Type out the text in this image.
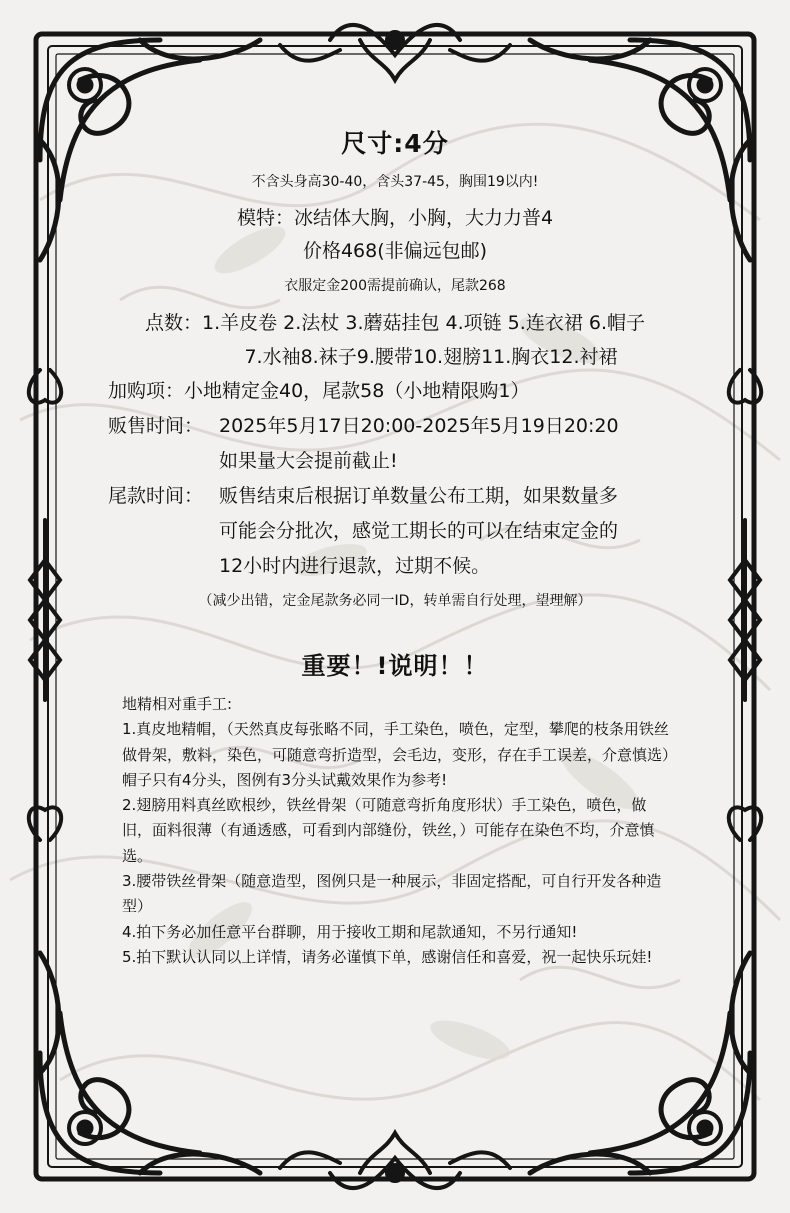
尺寸:4分
不含头身高30-40，含头37-45，胸围19以内!
模特：冰结体大胸，小胸，大力力普4
价格468(非偏远包邮)
衣服定金200需提前确认，尾款268
点数：1.羊皮卷 2.法杖 3.蘑菇挂包 4.项链 5.连衣裙 6.帽子
7.水袖8.袜子9.腰带10.翅膀11.胸衣12.衬裙
加购项：小地精定金40，尾款58（小地精限购1）
贩售时间： 2025年5月17日20:00-2025年5月19日20:20
如果量大会提前截止!
尾款时间： 贩售结束后根据订单数量公布工期，如果数量多
可能会分批次，感觉工期长的可以在结束定金的
12小时内进行退款，过期不候。
（减少出错，定金尾款务必同一ID，转单需自行处理，望理解）
重要！!说明！！

地精相对重手工:

1.真皮地精帽，（天然真皮每张略不同，手工染色，喷色，定型，攀爬的枝条用铁丝做骨架，敷料，染色，可随意弯折造型，会毛边，变形，存在手工误差，介意慎选）帽子只有4分头，图例有3分头试戴效果作为参考!

2.翅膀用料真丝欧根纱，铁丝骨架（可随意弯折角度形状）手工染色，喷色，做旧，面料很薄（有通透感，可看到内部缝份，铁丝，）可能存在染色不均，介意慎选。

3.腰带铁丝骨架（随意造型，图例只是一种展示，非固定搭配，可自行开发各种造型）

4.拍下务必加任意平台群聊，用于接收工期和尾款通知，不另行通知!

5.拍下默认认同以上详情，请务必谨慎下单，感谢信任和喜爱，祝一起快乐玩娃!
